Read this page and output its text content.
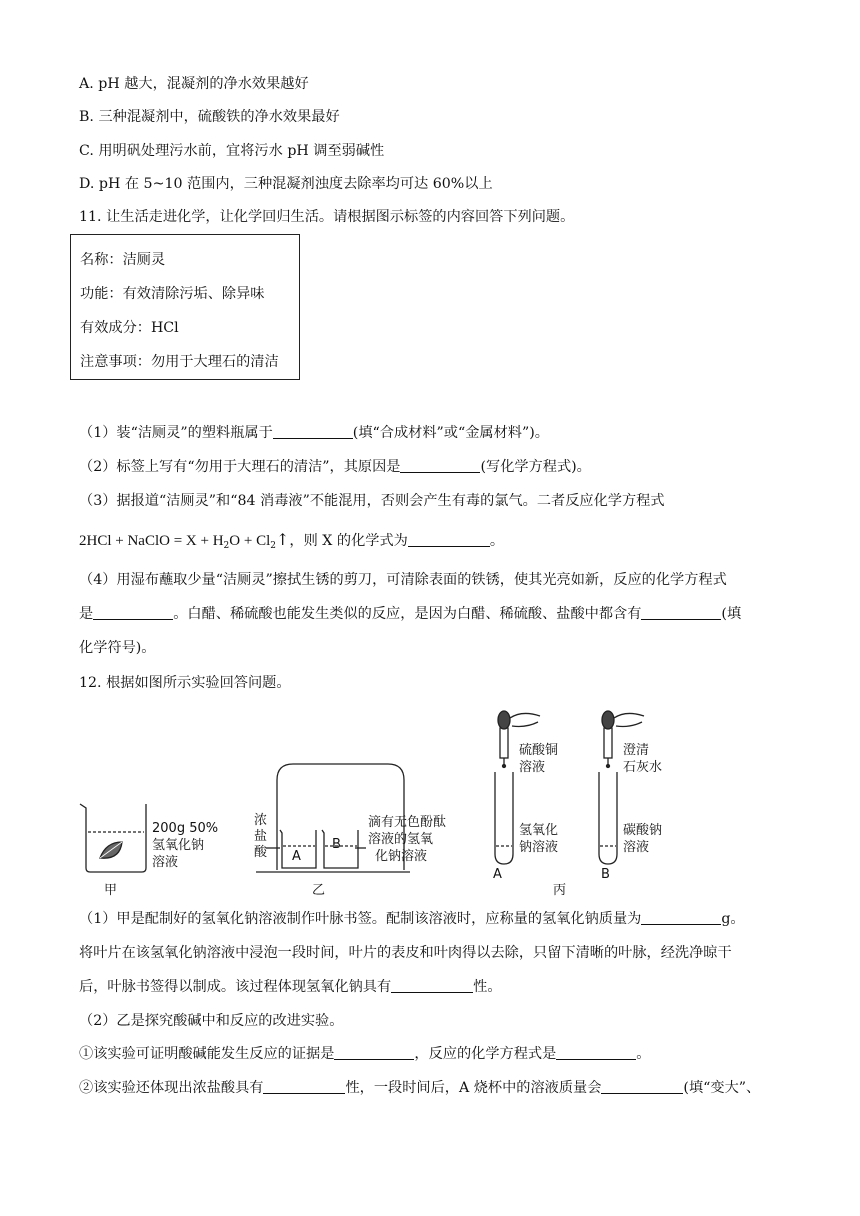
A. pH 越大，混凝剂的净水效果越好
B. 三种混凝剂中，硫酸铁的净水效果最好
C. 用明矾处理污水前，宜将污水 pH 调至弱碱性
D. pH 在 5~10 范围内，三种混凝剂浊度去除率均可达 60%以上
11. 让生活走进化学，让化学回归生活。请根据图示标签的内容回答下列问题。
名称：洁厕灵
功能：有效清除污垢、除异味
有效成分：HCl
注意事项：勿用于大理石的清洁
（1）装“洁厕灵”的塑料瓶属于	(填“合成材料”或“金属材料”)。
（2）标签上写有“勿用于大理石的清洁”，其原因是	(写化学方程式)。
（3）据报道“洁厕灵”和“84 消毒液”不能混用，否则会产生有毒的氯气。二者反应化学方程式
2HCl + NaClO = $X + H_2O$ + $Cl_2↑$，则 X 的化学式为	。
（4）用湿布蘸取少量“洁厕灵”擦拭生锈的剪刀，可清除表面的铁锈，使其光亮如新，反应的化学方程式
是	。白醋、稀硫酸也能发生类似的反应，是因为白醋、稀硫酸、盐酸中都含有	(填
化学符号)。
12. 根据如图所示实验回答问题。
200g 50%
氢氧化钠
溶液
甲
浓
盐
酸 A
B
滴有无色酚酞
溶液的氢氧
化钠溶液
乙
硫酸铜
溶液
氢氧化
钠溶液
A
澄清
石灰水
碳酸钠
溶液
B
丙
（1）甲是配制好的氢氧化钠溶液制作叶脉书签。配制该溶液时，应称量的氢氧化钠质量为	g。
将叶片在该氢氧化钠溶液中浸泡一段时间，叶片的表皮和叶肉得以去除，只留下清晰的叶脉，经洗净晾干
后，叶脉书签得以制成。该过程体现氢氧化钠具有	性。
（2）乙是探究酸碱中和反应的改进实验。
①该实验可证明酸碱能发生反应的证据是	，反应的化学方程式是	。
②该实验还体现出浓盐酸具有	性，一段时间后，A 烧杯中的溶液质量会	(填“变大”、
